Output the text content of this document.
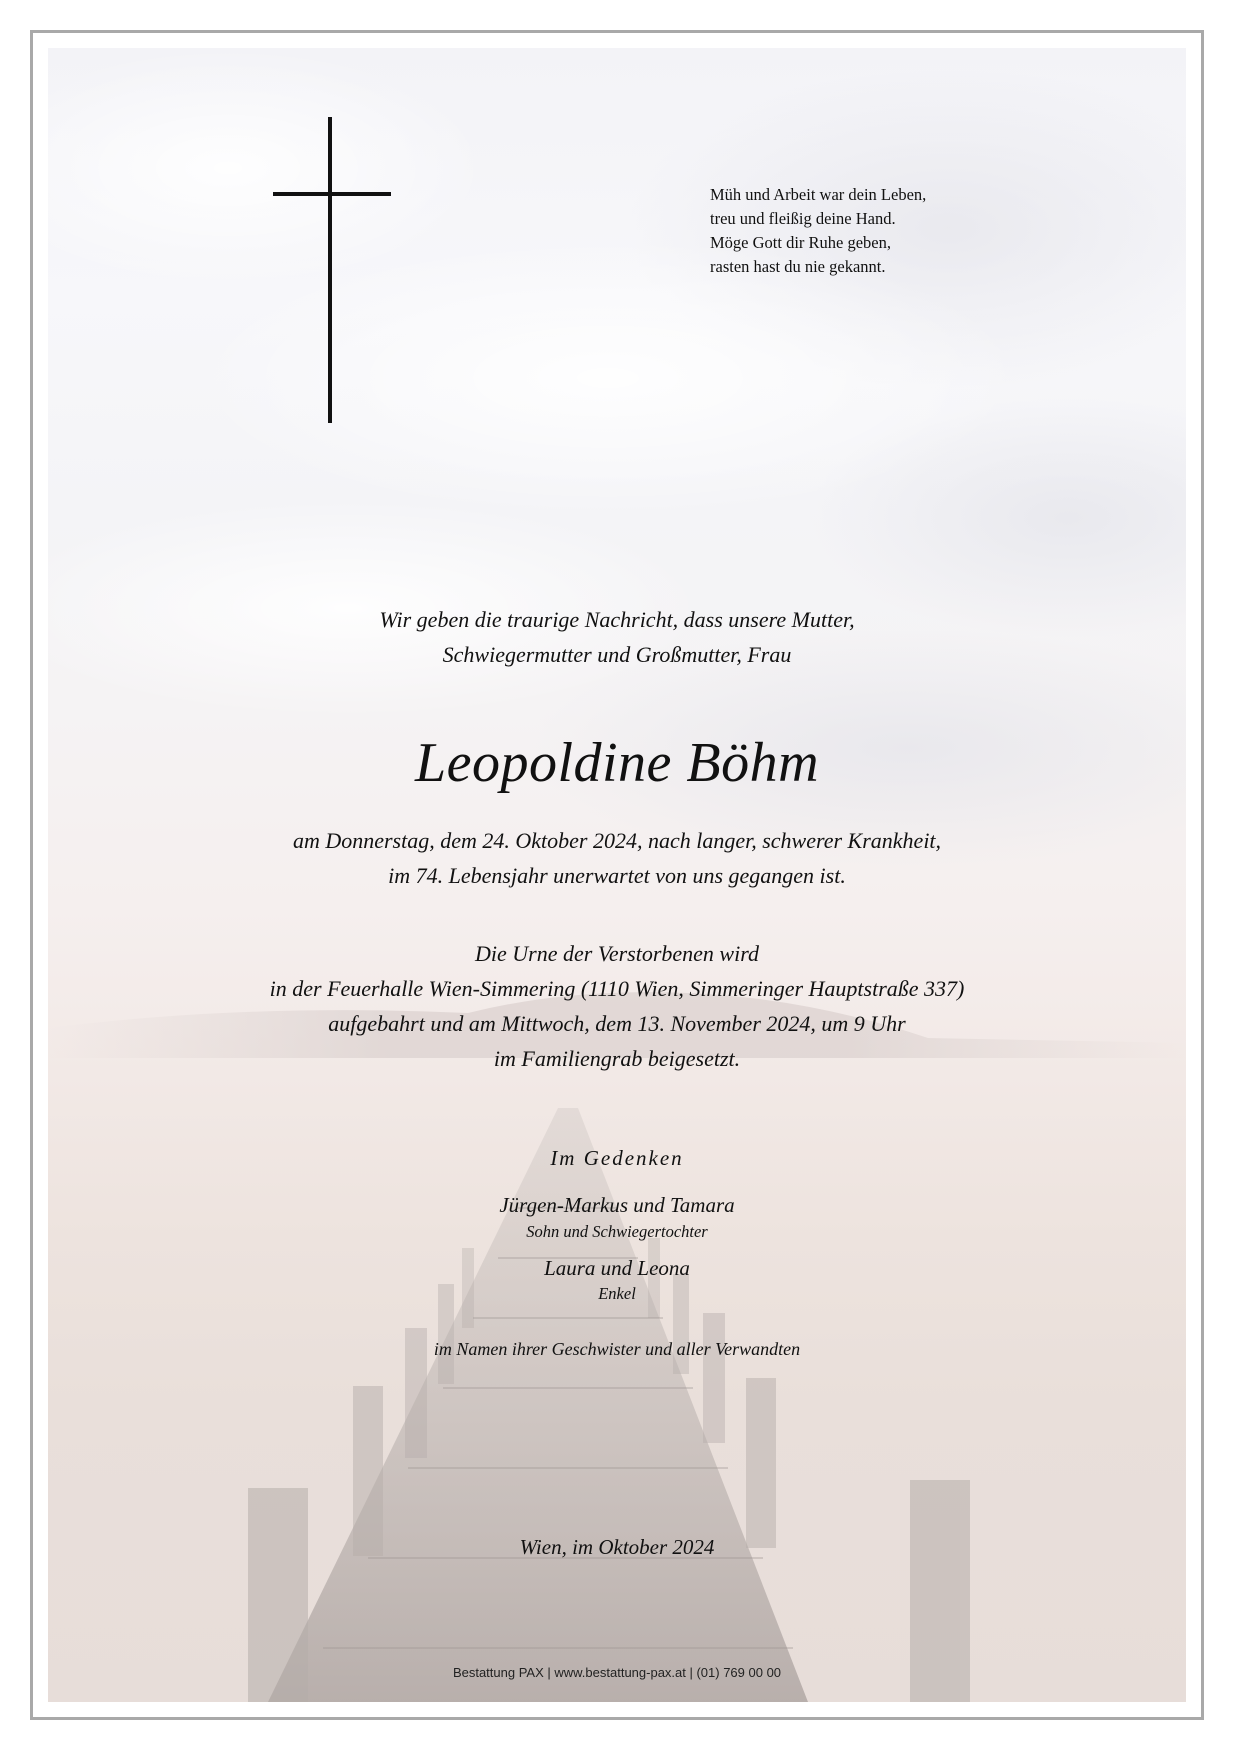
Müh und Arbeit war dein Leben,
treu und fleißig deine Hand.
Möge Gott dir Ruhe geben,
rasten hast du nie gekannt.
Wir geben die traurige Nachricht, dass unsere Mutter,
Schwiegermutter und Großmutter, Frau
Leopoldine Böhm
am Donnerstag, dem 24. Oktober 2024, nach langer, schwerer Krankheit,
im 74. Lebensjahr unerwartet von uns gegangen ist.
Die Urne der Verstorbenen wird
in der Feuerhalle Wien-Simmering (1110 Wien, Simmeringer Hauptstraße 337)
aufgebahrt und am Mittwoch, dem 13. November 2024, um 9 Uhr
im Familiengrab beigesetzt.
Im Gedenken
Jürgen-Markus und Tamara
Sohn und Schwiegertochter
Laura und Leona
Enkel
im Namen ihrer Geschwister und aller Verwandten
Wien, im Oktober 2024
Bestattung PAX | www.bestattung-pax.at | (01) 769 00 00
